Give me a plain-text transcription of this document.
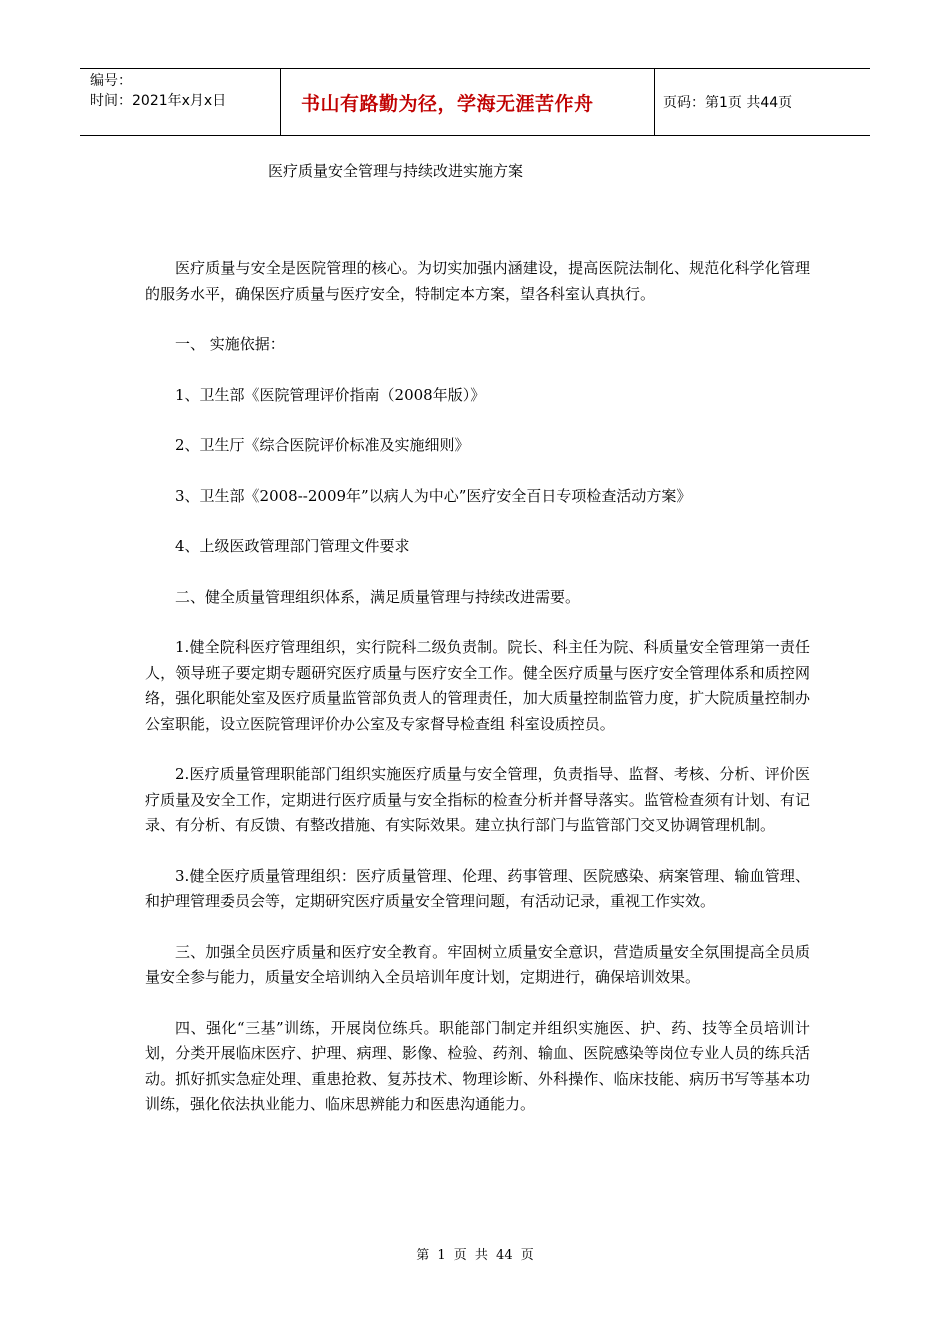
编号：
时间：2021年x月x日	书山有路勤为径，学海无涯苦作舟	页码：第1页 共44页
医疗质量安全管理与持续改进实施方案

医疗质量与安全是医院管理的核心。为切实加强内涵建设，提高医院法制化、规范化科学化管理的服务水平，确保医疗质量与医疗安全，特制定本方案，望各科室认真执行。

一、 实施依据：

1、卫生部《医院管理评价指南（2008年版）》

2、卫生厅《综合医院评价标准及实施细则》

3、卫生部《2008--2009年”以病人为中心”医疗安全百日专项检查活动方案》

4、上级医政管理部门管理文件要求

二、健全质量管理组织体系，满足质量管理与持续改进需要。

1.健全院科医疗管理组织，实行院科二级负责制。院长、科主任为院、科质量安全管理第一责任人，领导班子要定期专题研究医疗质量与医疗安全工作。健全医疗质量与医疗安全管理体系和质控网络，强化职能处室及医疗质量监管部负责人的管理责任，加大质量控制监管力度，扩大院质量控制办公室职能，设立医院管理评价办公室及专家督导检查组 科室设质控员。

2.医疗质量管理职能部门组织实施医疗质量与安全管理，负责指导、监督、考核、分析、评价医疗质量及安全工作，定期进行医疗质量与安全指标的检查分析并督导落实。监管检查须有计划、有记录、有分析、有反馈、有整改措施、有实际效果。建立执行部门与监管部门交叉协调管理机制。

3.健全医疗质量管理组织：医疗质量管理、伦理、药事管理、医院感染、病案管理、输血管理、和护理管理委员会等，定期研究医疗质量安全管理问题，有活动记录，重视工作实效。

三、加强全员医疗质量和医疗安全教育。牢固树立质量安全意识，营造质量安全氛围提高全员质量安全参与能力，质量安全培训纳入全员培训年度计划，定期进行，确保培训效果。

四、强化“三基”训练，开展岗位练兵。职能部门制定并组织实施医、护、药、技等全员培训计划，分类开展临床医疗、护理、病理、影像、检验、药剂、输血、医院感染等岗位专业人员的练兵活动。抓好抓实急症处理、重患抢救、复苏技术、物理诊断、外科操作、临床技能、病历书写等基本功训练，强化依法执业能力、临床思辨能力和医患沟通能力。

第 1 页 共 44 页
